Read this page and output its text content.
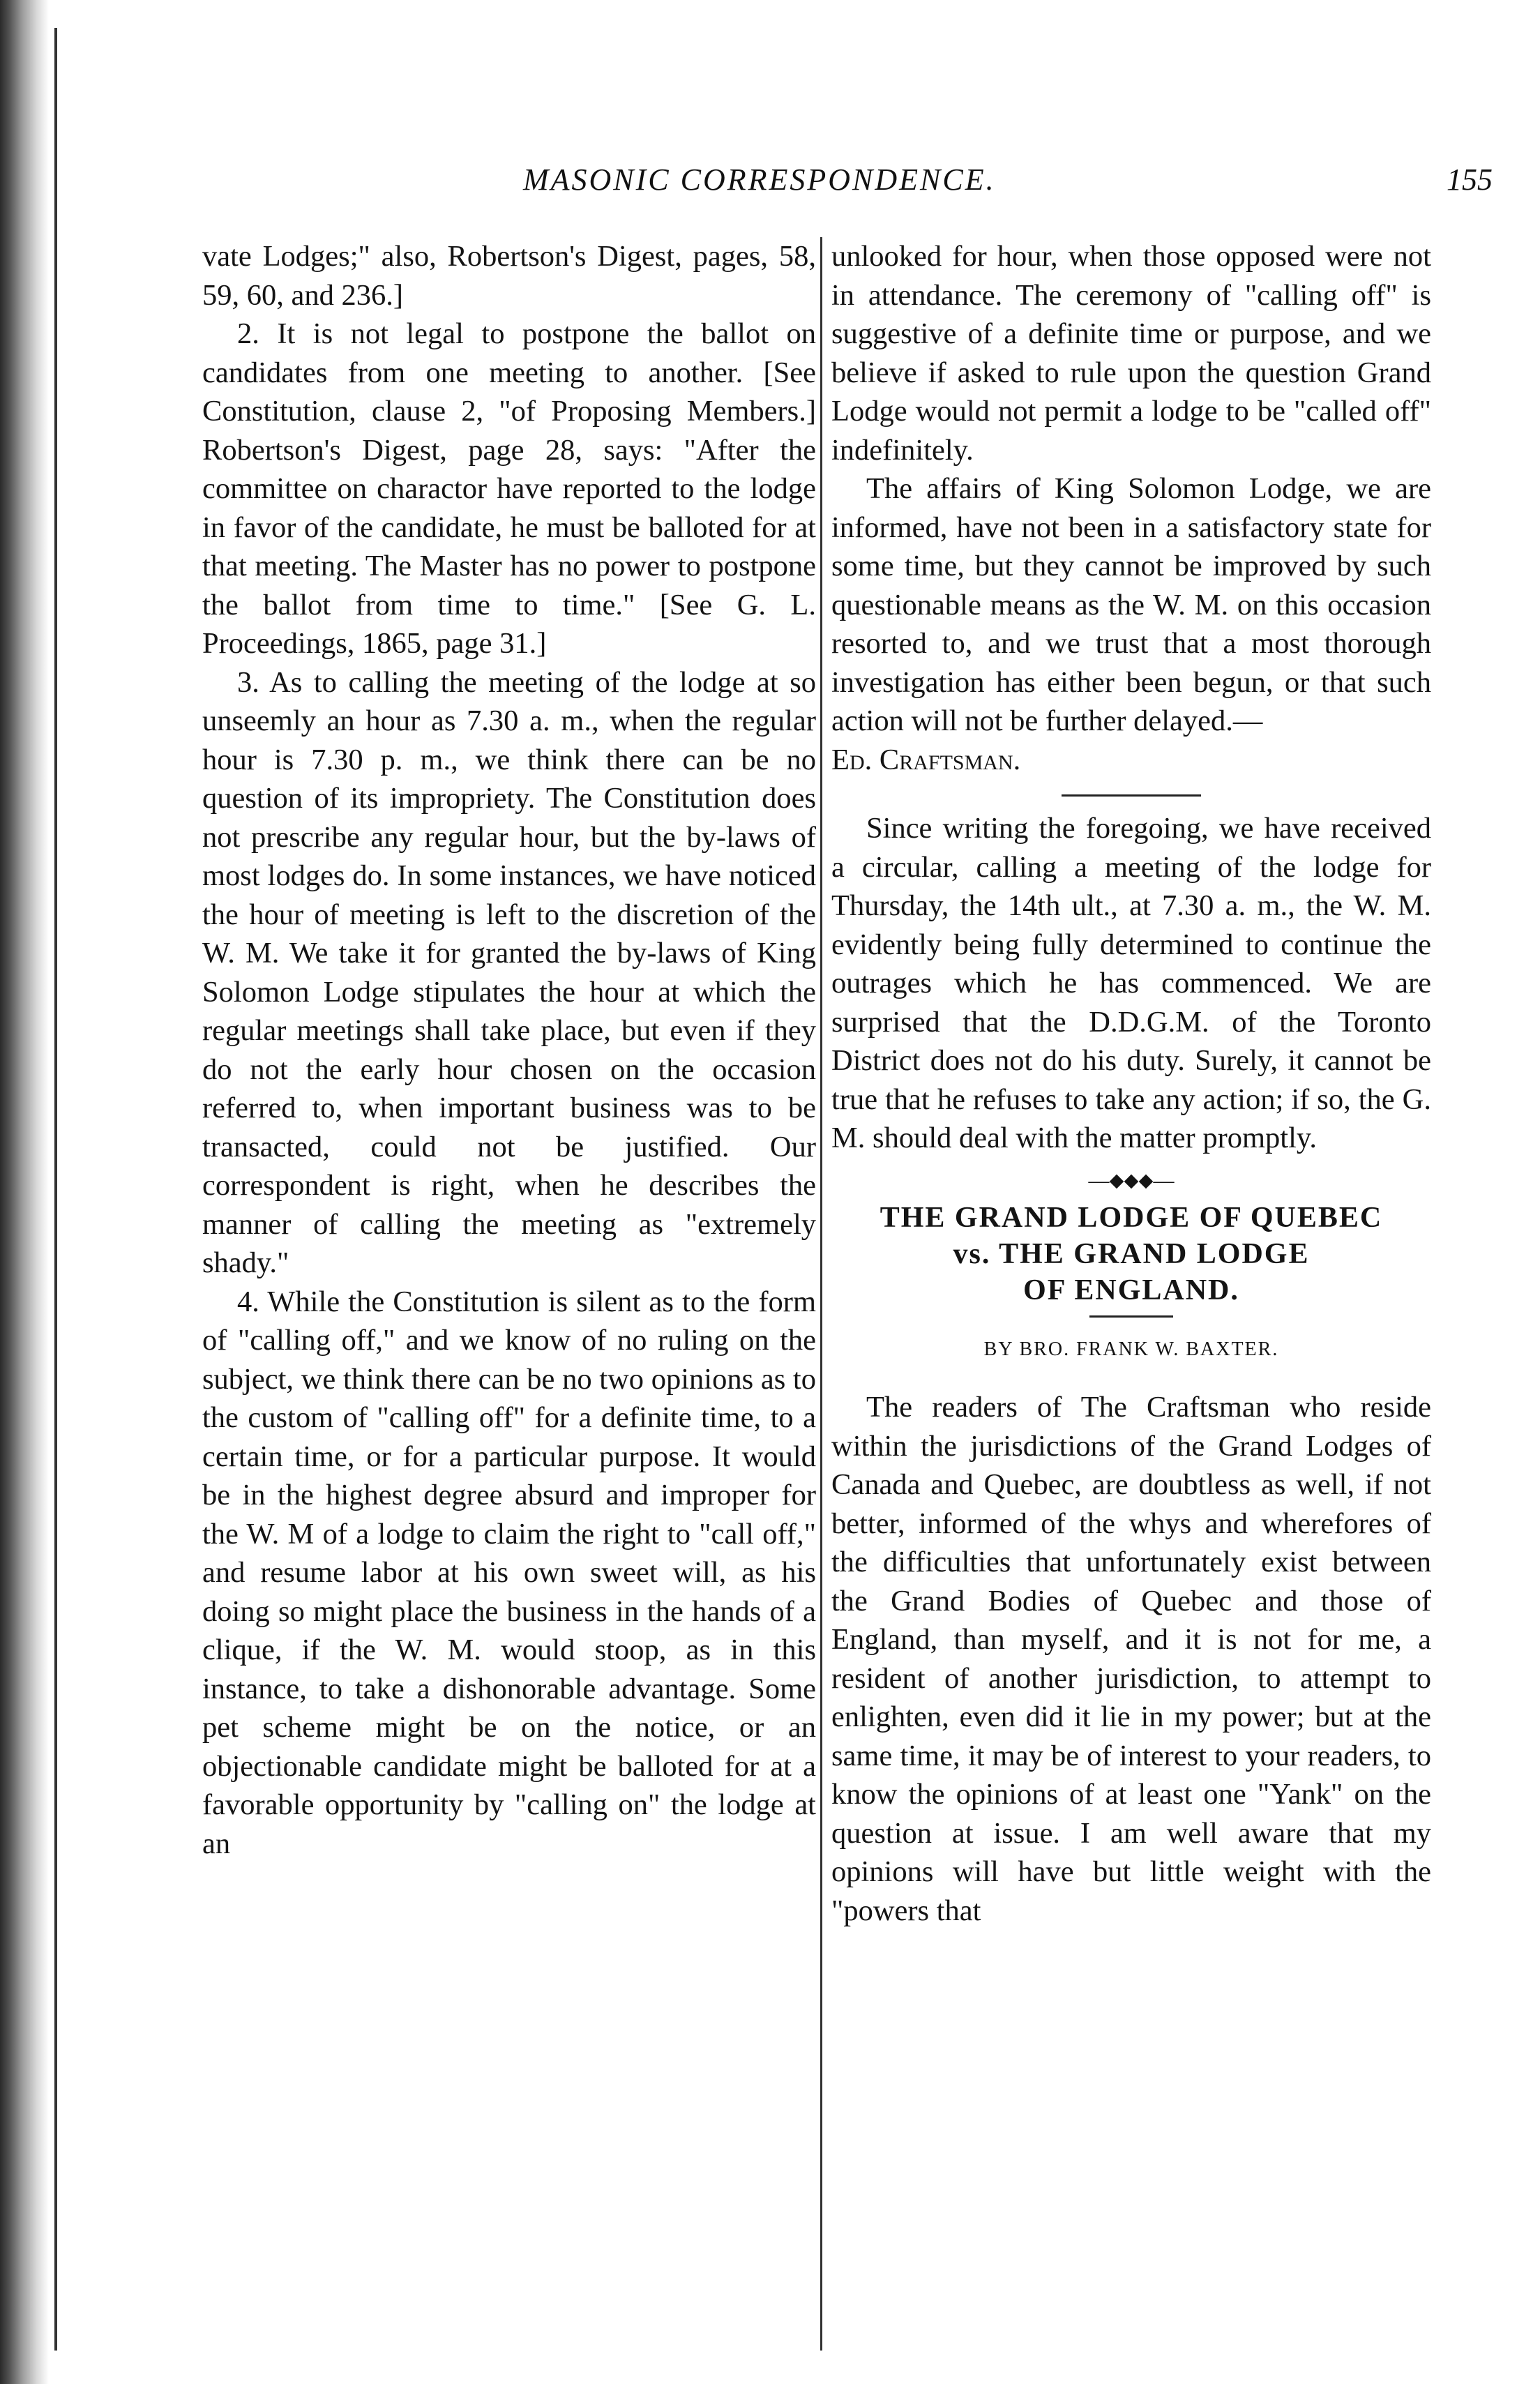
MASONIC CORRESPONDENCE.	155

vate Lodges;" also, Robertson's Digest, pages, 58, 59, 60, and 236.]

2. It is not legal to postpone the ballot on candidates from one meeting to another. [See Constitution, clause 2, "of Proposing Members.] Robertson's Digest, page 28, says: "After the committee on charactor have reported to the lodge in favor of the candidate, he must be balloted for at that meeting. The Master has no power to postpone the ballot from time to time." [See G. L. Proceedings, 1865, page 31.]

3. As to calling the meeting of the lodge at so unseemly an hour as 7.30 a. m., when the regular hour is 7.30 p. m., we think there can be no question of its impropriety. The Constitution does not prescribe any regular hour, but the by-laws of most lodges do. In some instances, we have noticed the hour of meeting is left to the discretion of the W. M. We take it for granted the by-laws of King Solomon Lodge stipulates the hour at which the regular meetings shall take place, but even if they do not the early hour chosen on the occasion referred to, when important business was to be transacted, could not be justified. Our correspondent is right, when he describes the manner of calling the meeting as "extremely shady."

4. While the Constitution is silent as to the form of "calling off," and we know of no ruling on the subject, we think there can be no two opinions as to the custom of "calling off" for a definite time, to a certain time, or for a particular purpose. It would be in the highest degree absurd and improper for the W. M of a lodge to claim the right to "call off," and resume labor at his own sweet will, as his doing so might place the business in the hands of a clique, if the W. M. would stoop, as in this instance, to take a dishonorable advantage. Some pet scheme might be on the notice, or an objectionable candidate might be balloted for at a favorable opportunity by "calling on" the lodge at an

unlooked for hour, when those opposed were not in attendance. The ceremony of "calling off" is suggestive of a definite time or purpose, and we believe if asked to rule upon the question Grand Lodge would not permit a lodge to be "called off" indefinitely.

The affairs of King Solomon Lodge, we are informed, have not been in a satisfactory state for some time, but they cannot be improved by such questionable means as the W. M. on this occasion resorted to, and we trust that a most thorough investigation has either been begun, or that such action will not be further delayed.—

Ed. Craftsman.

Since writing the foregoing, we have received a circular, calling a meeting of the lodge for Thursday, the 14th ult., at 7.30 a. m., the W. M. evidently being fully determined to continue the outrages which he has commenced. We are surprised that the D.D.G.M. of the Toronto District does not do his duty. Surely, it cannot be true that he refuses to take any action; if so, the G. M. should deal with the matter promptly.

—⬥⬥⬥—

THE GRAND LODGE OF QUEBEC

vs. THE GRAND LODGE

OF ENGLAND.

BY BRO. FRANK W. BAXTER.

The readers of The Craftsman who reside within the jurisdictions of the Grand Lodges of Canada and Quebec, are doubtless as well, if not better, informed of the whys and wherefores of the difficulties that unfortunately exist between the Grand Bodies of Quebec and those of England, than myself, and it is not for me, a resident of another jurisdiction, to attempt to enlighten, even did it lie in my power; but at the same time, it may be of interest to your readers, to know the opinions of at least one "Yank" on the question at issue. I am well aware that my opinions will have but little weight with the "powers that
